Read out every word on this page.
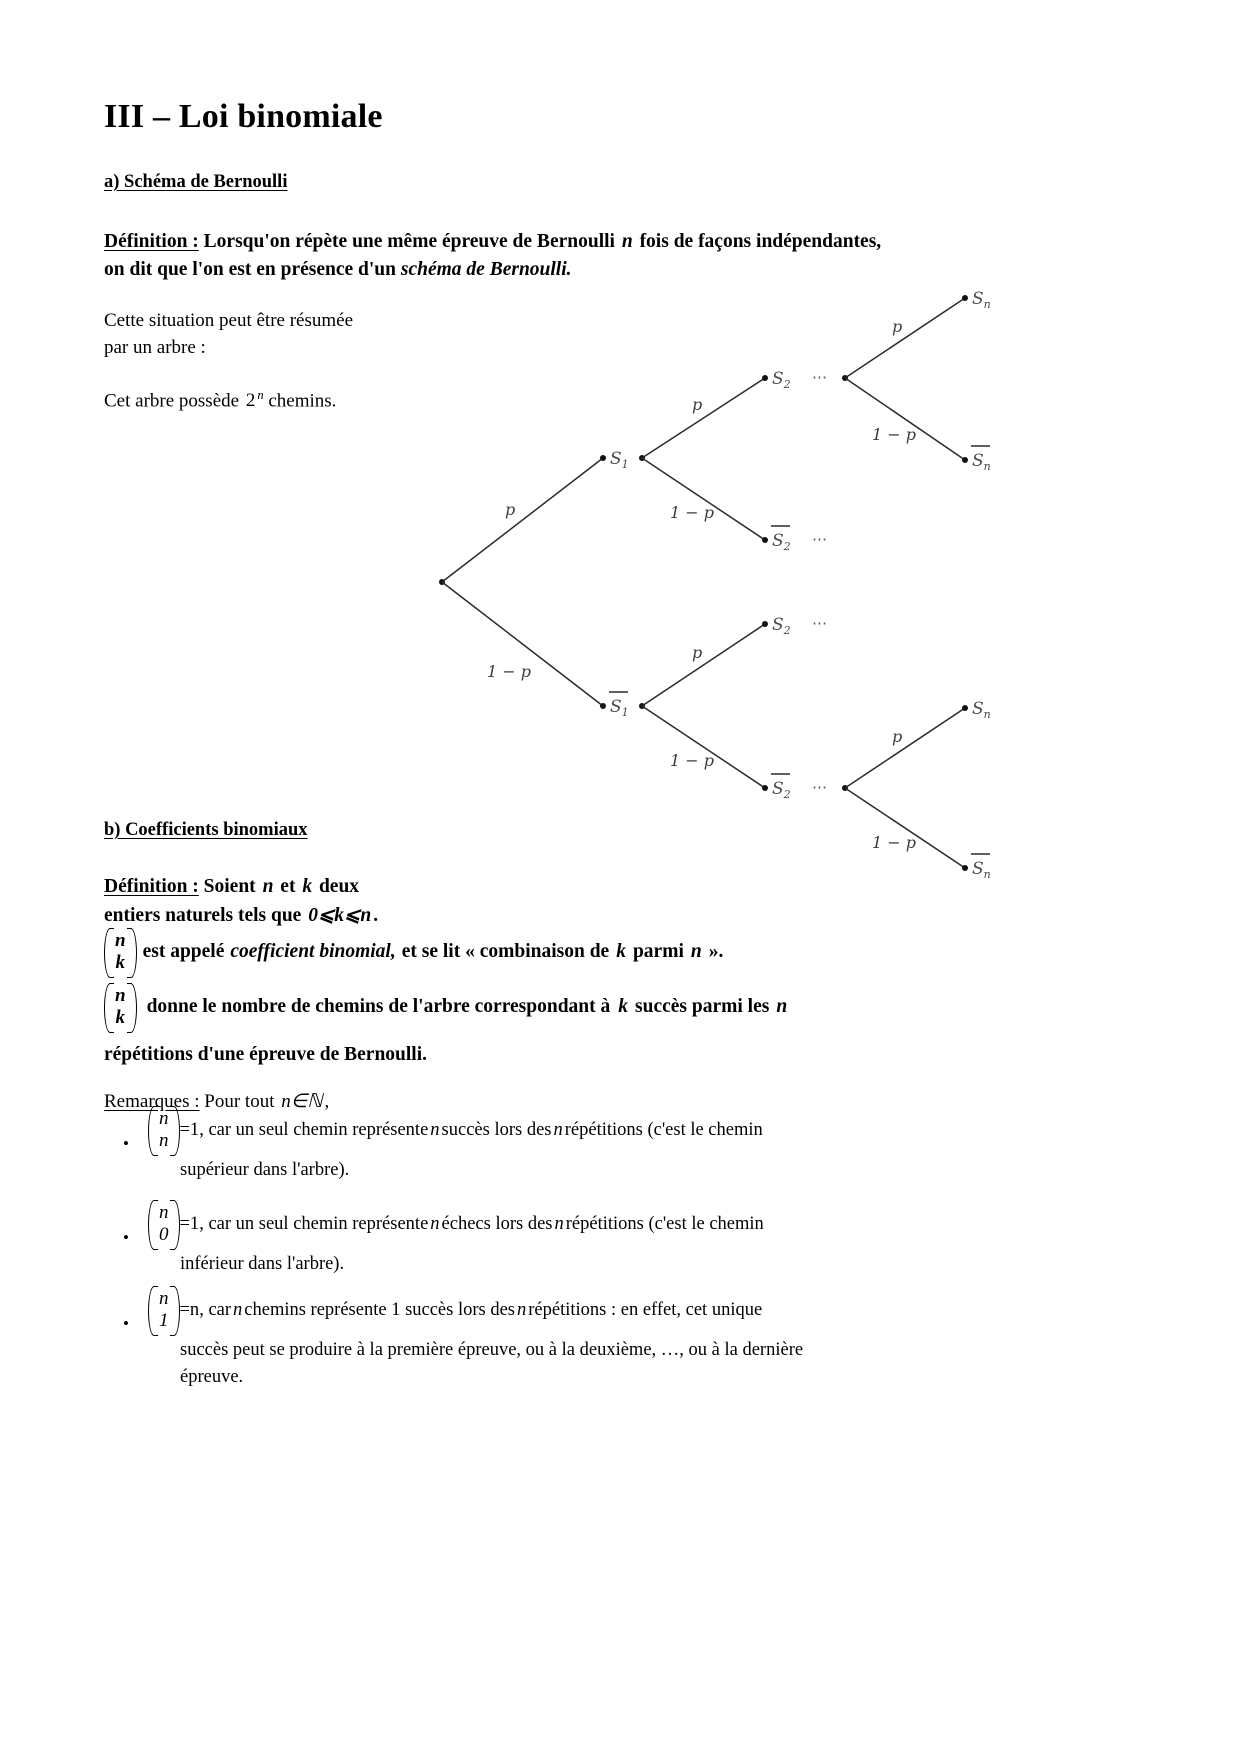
III – Loi binomiale
a) Schéma de Bernoulli
Définition : Lorsqu'on répète une même épreuve de Bernoulli n fois de façons indépendantes, on dit que l'on est en présence d'un schéma de Bernoulli.
Cette situation peut être résumée
par un arbre :
Cet arbre possède 2 $^n$ chemins.
p
1 − p
$S_1$
$S_1$
p
1 − p
$S_2$ ⋯
$S_2$ ⋯
p
1 − p
$S_n$
$S_n$
p
1 − p
$S_2$ ⋯
$S_2$ ⋯
p
1 − p
$S_n$
$S_n$
b) Coefficients binomiaux
Définition : Soient n et k deux
entiers naturels tels que 0⩽k⩽n .
n
k
est appelé coefficient binomial, et se lit « combinaison de k parmi n ».
n
k
donne le nombre de chemins de l'arbre correspondant à k succès parmi les n
répétitions d'une épreuve de Bernoulli.
Remarques : Pour tout n∈ℕ ,
•
n
n
=1 , car un seul chemin représente n succès lors des n répétitions (c'est le chemin
supérieur dans l'arbre).
•
n
0
=1 , car un seul chemin représente n échecs lors des n répétitions (c'est le chemin
inférieur dans l'arbre).
•
n
1
=n , car n chemins représente 1 succès lors des n répétitions : en effet, cet unique
succès peut se produire à la première épreuve, ou à la deuxième, …, ou à la dernière
épreuve.
